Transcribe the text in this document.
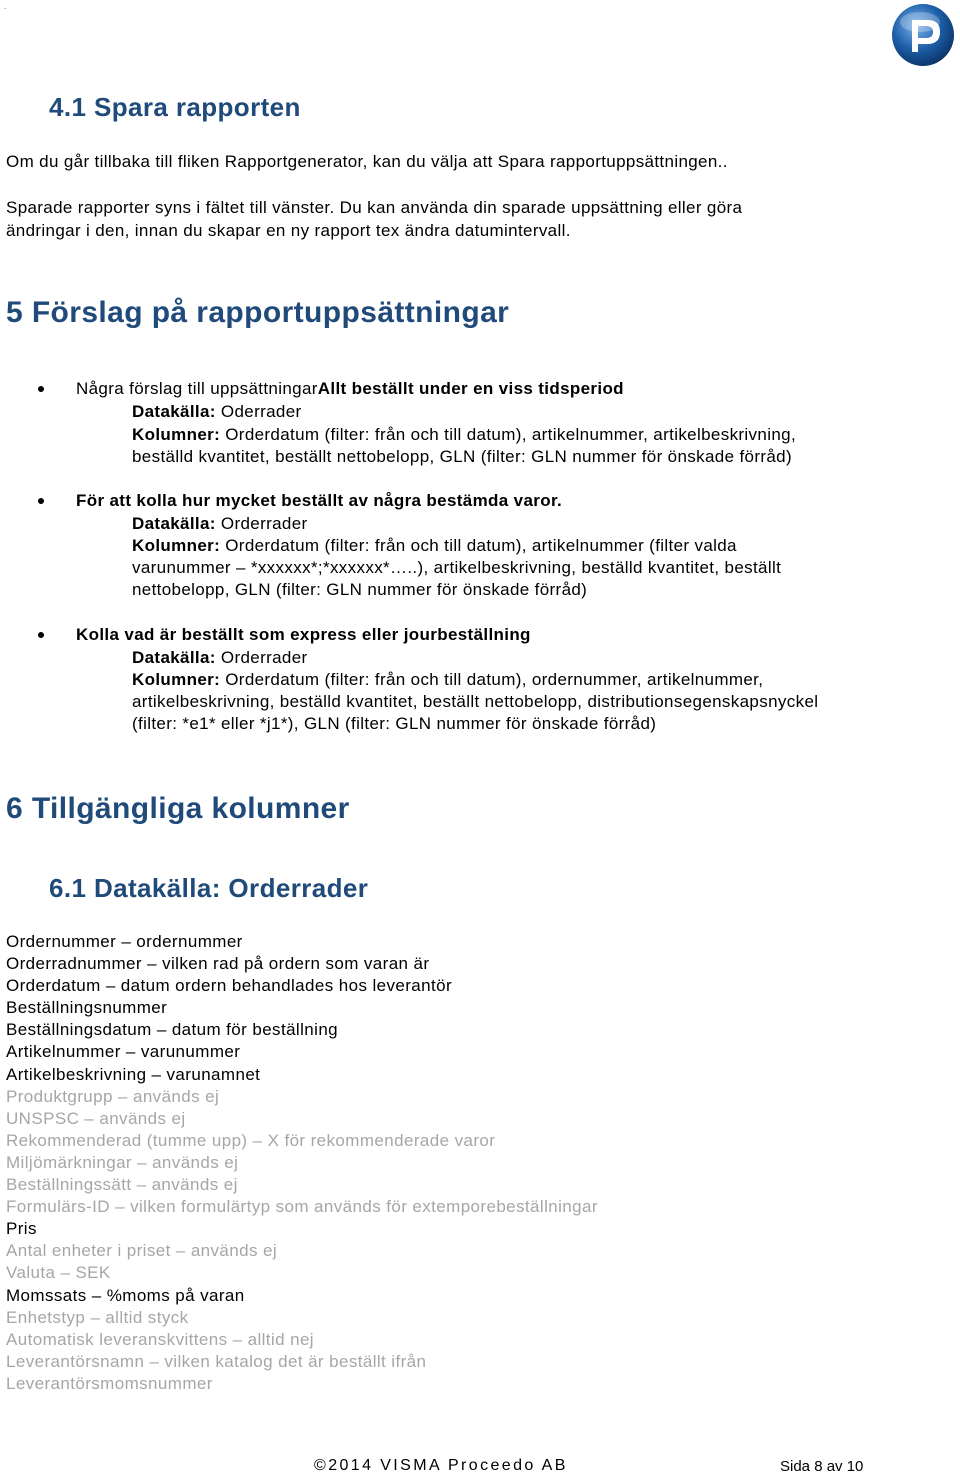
.
4.1 Spara rapporten
Om du går tillbaka till fliken Rapportgenerator, kan du välja att Spara rapportuppsättningen..
Sparade rapporter syns i fältet till vänster. Du kan använda din sparade uppsättning eller göra
ändringar i den, innan du skapar en ny rapport tex ändra datumintervall.
5 Förslag på rapportuppsättningar
Några förslag till uppsättningarAllt beställt under en viss tidsperiod
Datakälla: Oderrader
Kolumner: Orderdatum (filter: från och till datum), artikelnummer, artikelbeskrivning,
beställd kvantitet, beställt nettobelopp, GLN (filter: GLN nummer för önskade förråd)
För att kolla hur mycket beställt av några bestämda varor.
Datakälla: Orderrader
Kolumner: Orderdatum (filter: från och till datum), artikelnummer (filter valda
varunummer – *xxxxxx*;*xxxxxx*…..), artikelbeskrivning, beställd kvantitet, beställt
nettobelopp, GLN (filter: GLN nummer för önskade förråd)
Kolla vad är beställt som express eller jourbeställning
Datakälla: Orderrader
Kolumner: Orderdatum (filter: från och till datum), ordernummer, artikelnummer,
artikelbeskrivning, beställd kvantitet, beställt nettobelopp, distributionsegenskapsnyckel
(filter: *e1* eller *j1*), GLN (filter: GLN nummer för önskade förråd)
6 Tillgängliga kolumner
6.1 Datakälla: Orderrader
Ordernummer – ordernummer
Orderradnummer – vilken rad på ordern som varan är
Orderdatum – datum ordern behandlades hos leverantör
Beställningsnummer
Beställningsdatum – datum för beställning
Artikelnummer – varunummer
Artikelbeskrivning – varunamnet
Produktgrupp – används ej
UNSPSC – används ej
Rekommenderad (tumme upp) – X för rekommenderade varor
Miljömärkningar – används ej
Beställningssätt – används ej
Formulärs-ID – vilken formulärtyp som används för extemporebeställningar
Pris
Antal enheter i priset – används ej
Valuta – SEK
Momssats – %moms på varan
Enhetstyp – alltid styck
Automatisk leveranskvittens – alltid nej
Leverantörsnamn – vilken katalog det är beställt ifrån
Leverantörsmomsnummer
©2014 VISMA Proceedo AB	Sida 8 av 10
